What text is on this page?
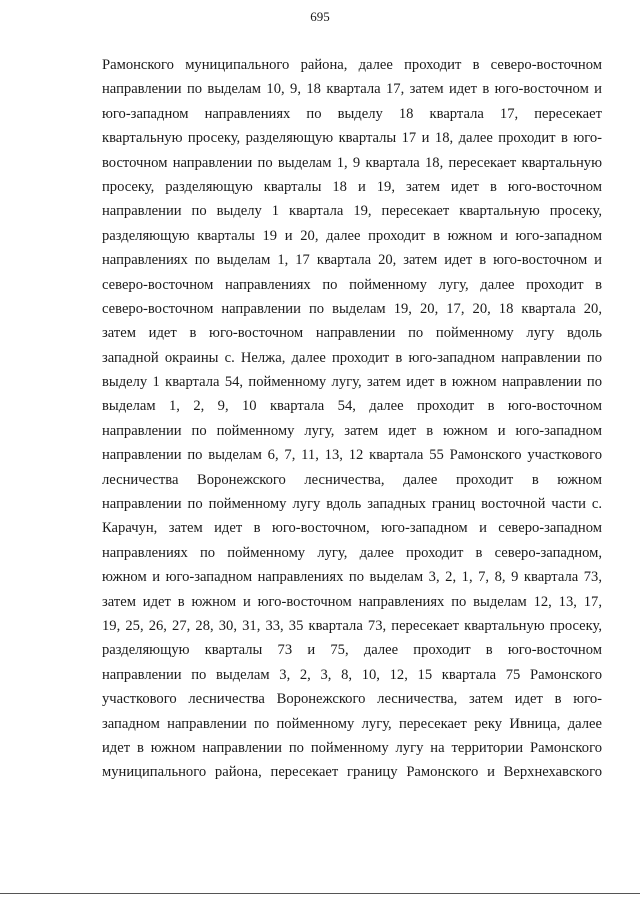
695
Рамонского муниципального района, далее проходит в северо-восточном
направлении по выделам 10, 9, 18 квартала 17, затем идет в юго-восточном и
юго-западном направлениях по выделу 18 квартала 17, пересекает
квартальную просеку, разделяющую кварталы 17 и 18, далее проходит в юго-
восточном направлении по выделам 1, 9 квартала 18, пересекает квартальную
просеку, разделяющую кварталы 18 и 19, затем идет в юго-восточном
направлении по выделу 1 квартала 19, пересекает квартальную просеку,
разделяющую кварталы 19 и 20, далее проходит в южном и юго-западном
направлениях по выделам 1, 17 квартала 20, затем идет в юго-восточном и
северо-восточном направлениях по пойменному лугу, далее проходит в
северо-восточном направлении по выделам 19, 20, 17, 20, 18 квартала 20,
затем идет в юго-восточном направлении по пойменному лугу вдоль
западной окраины с. Нелжа, далее проходит в юго-западном направлении по
выделу 1 квартала 54, пойменному лугу, затем идет в южном направлении по
выделам 1, 2, 9, 10 квартала 54, далее проходит в юго-восточном
направлении по пойменному лугу, затем идет в южном и юго-западном
направлении по выделам 6, 7, 11, 13, 12 квартала 55 Рамонского участкового
лесничества Воронежского лесничества, далее проходит в южном
направлении по пойменному лугу вдоль западных границ восточной части с.
Карачун, затем идет в юго-восточном, юго-западном и северо-западном
направлениях по пойменному лугу, далее проходит в северо-западном,
южном и юго-западном направлениях по выделам 3, 2, 1, 7, 8, 9 квартала 73,
затем идет в южном и юго-восточном направлениях по выделам 12, 13, 17,
19, 25, 26, 27, 28, 30, 31, 33, 35 квартала 73, пересекает квартальную просеку,
разделяющую кварталы 73 и 75, далее проходит в юго-восточном
направлении по выделам 3, 2, 3, 8, 10, 12, 15 квартала 75 Рамонского
участкового лесничества Воронежского лесничества, затем идет в юго-
западном направлении по пойменному лугу, пересекает реку Ивница, далее
идет в южном направлении по пойменному лугу на территории Рамонского
муниципального района, пересекает границу Рамонского и Верхнехавского
